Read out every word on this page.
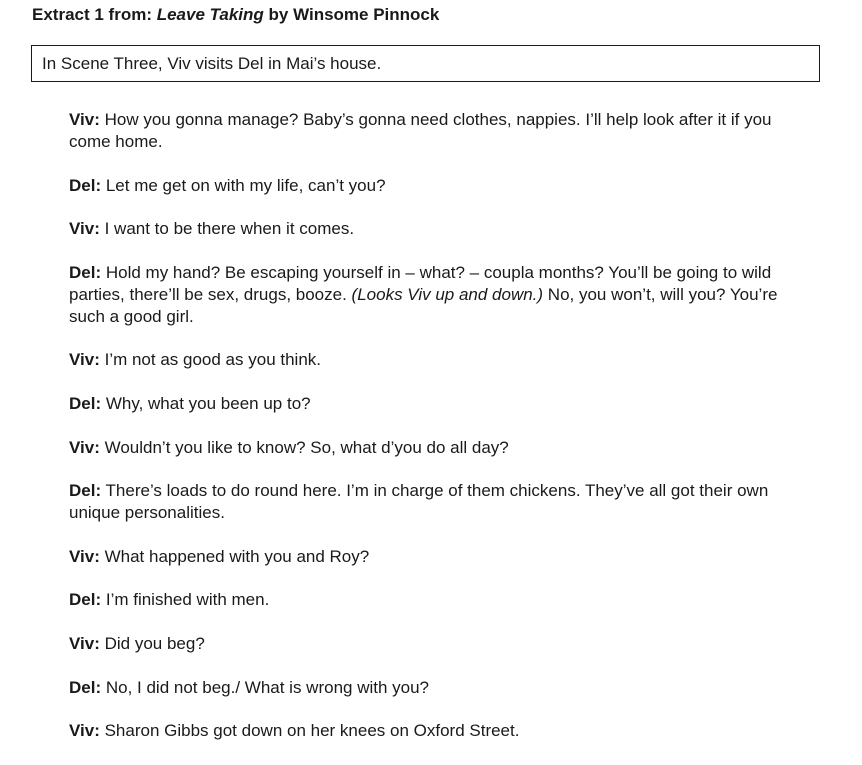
Extract 1 from: Leave Taking by Winsome Pinnock
In Scene Three, Viv visits Del in Mai’s house.

Viv: How you gonna manage? Baby’s gonna need clothes, nappies. I’ll help look after it if you come home.

Del: Let me get on with my life, can’t you?

Viv: I want to be there when it comes.

Del: Hold my hand? Be escaping yourself in – what? – coupla months? You’ll be going to wild parties, there’ll be sex, drugs, booze. (Looks Viv up and down.) No, you won’t, will you? You’re such a good girl.

Viv: I’m not as good as you think.

Del: Why, what you been up to?

Viv: Wouldn’t you like to know? So, what d’you do all day?

Del: There’s loads to do round here. I’m in charge of them chickens. They’ve all got their own unique personalities.

Viv: What happened with you and Roy?

Del: I’m finished with men.

Viv: Did you beg?

Del: No, I did not beg./ What is wrong with you?

Viv: Sharon Gibbs got down on her knees on Oxford Street.
